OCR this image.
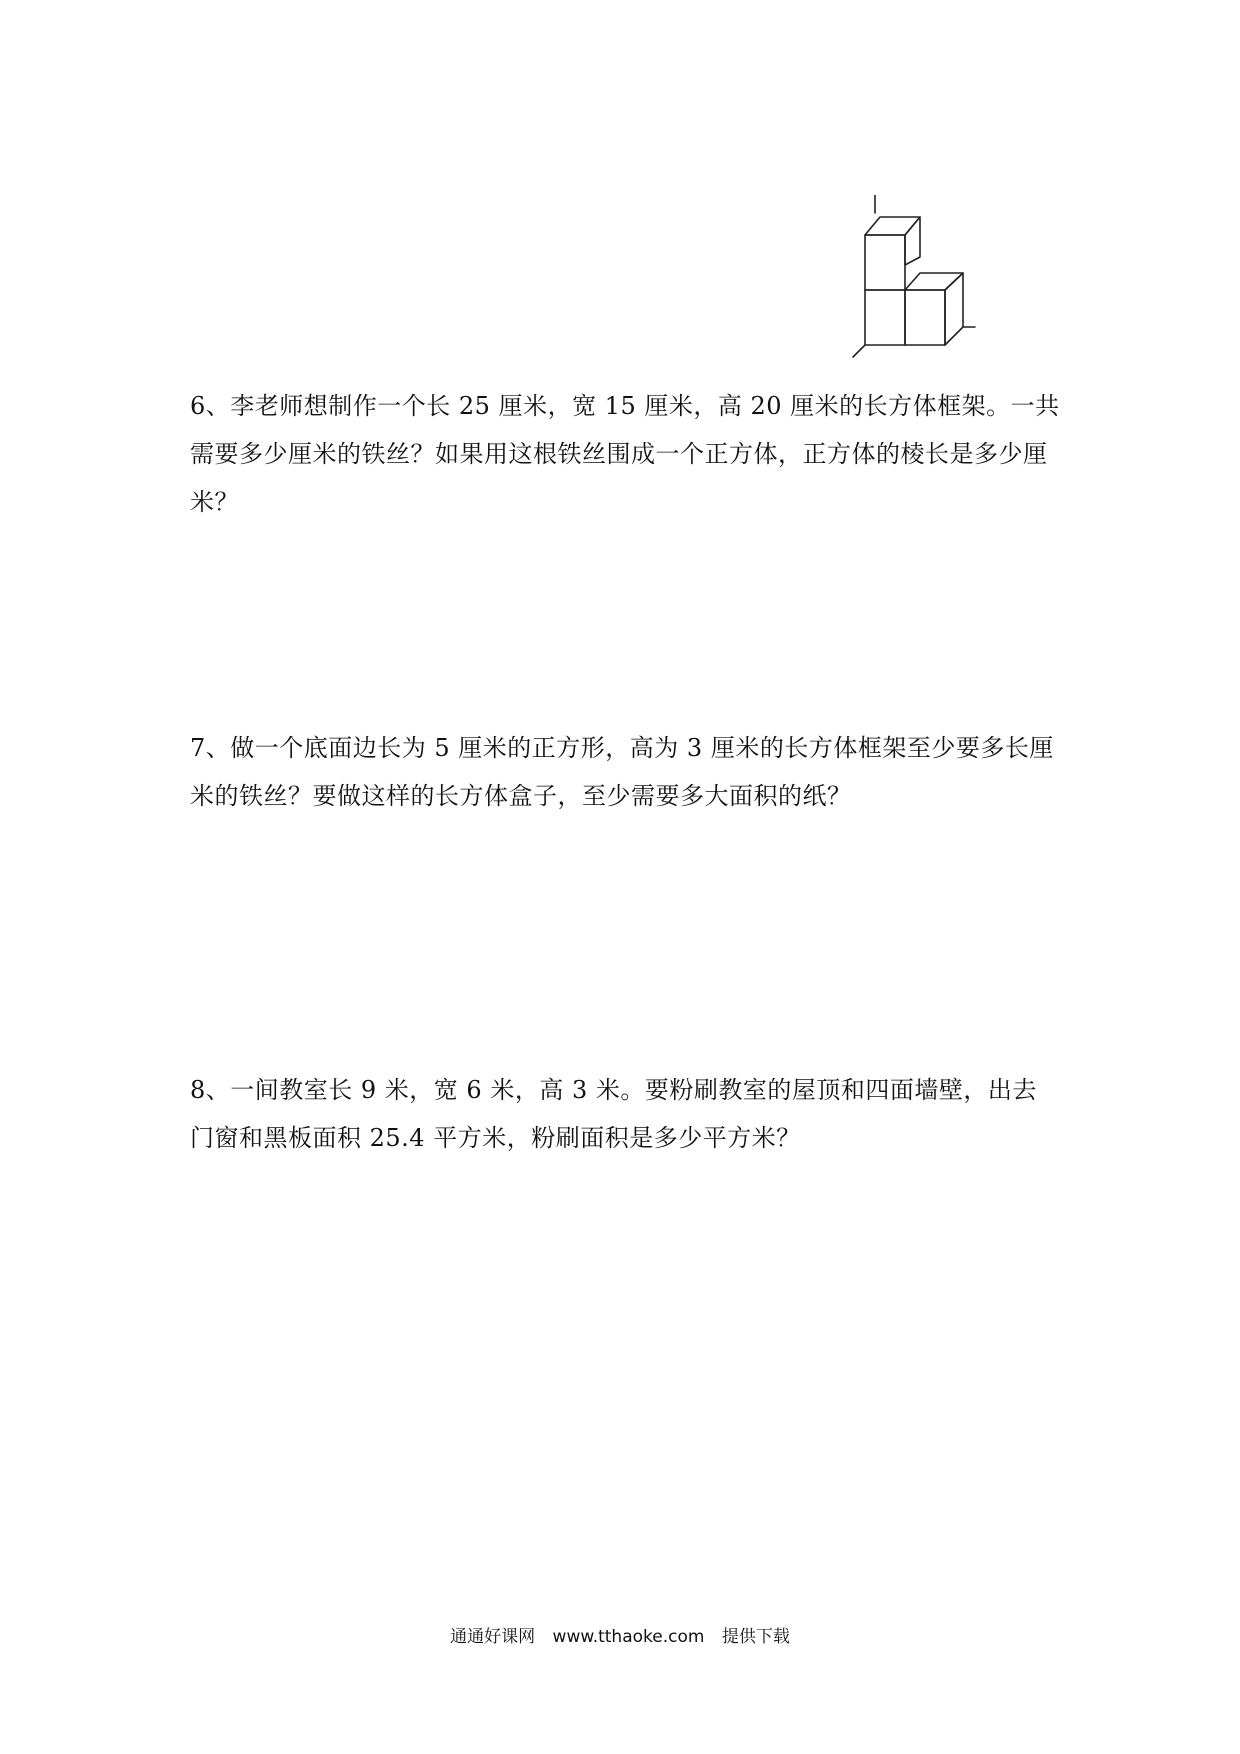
6、李老师想制作一个长 25 厘米，宽 15 厘米，高 20 厘米的长方体框架。一共需要多少厘米的铁丝？如果用这根铁丝围成一个正方体，正方体的棱长是多少厘米？

7、做一个底面边长为 5 厘米的正方形，高为 3 厘米的长方体框架至少要多长厘米的铁丝？要做这样的长方体盒子，至少需要多大面积的纸？

8、一间教室长 9 米，宽 6 米，高 3 米。要粉刷教室的屋顶和四面墙壁，出去门窗和黑板面积 25.4 平方米，粉刷面积是多少平方米？

通通好课网 www.tthaoke.com 提供下载
